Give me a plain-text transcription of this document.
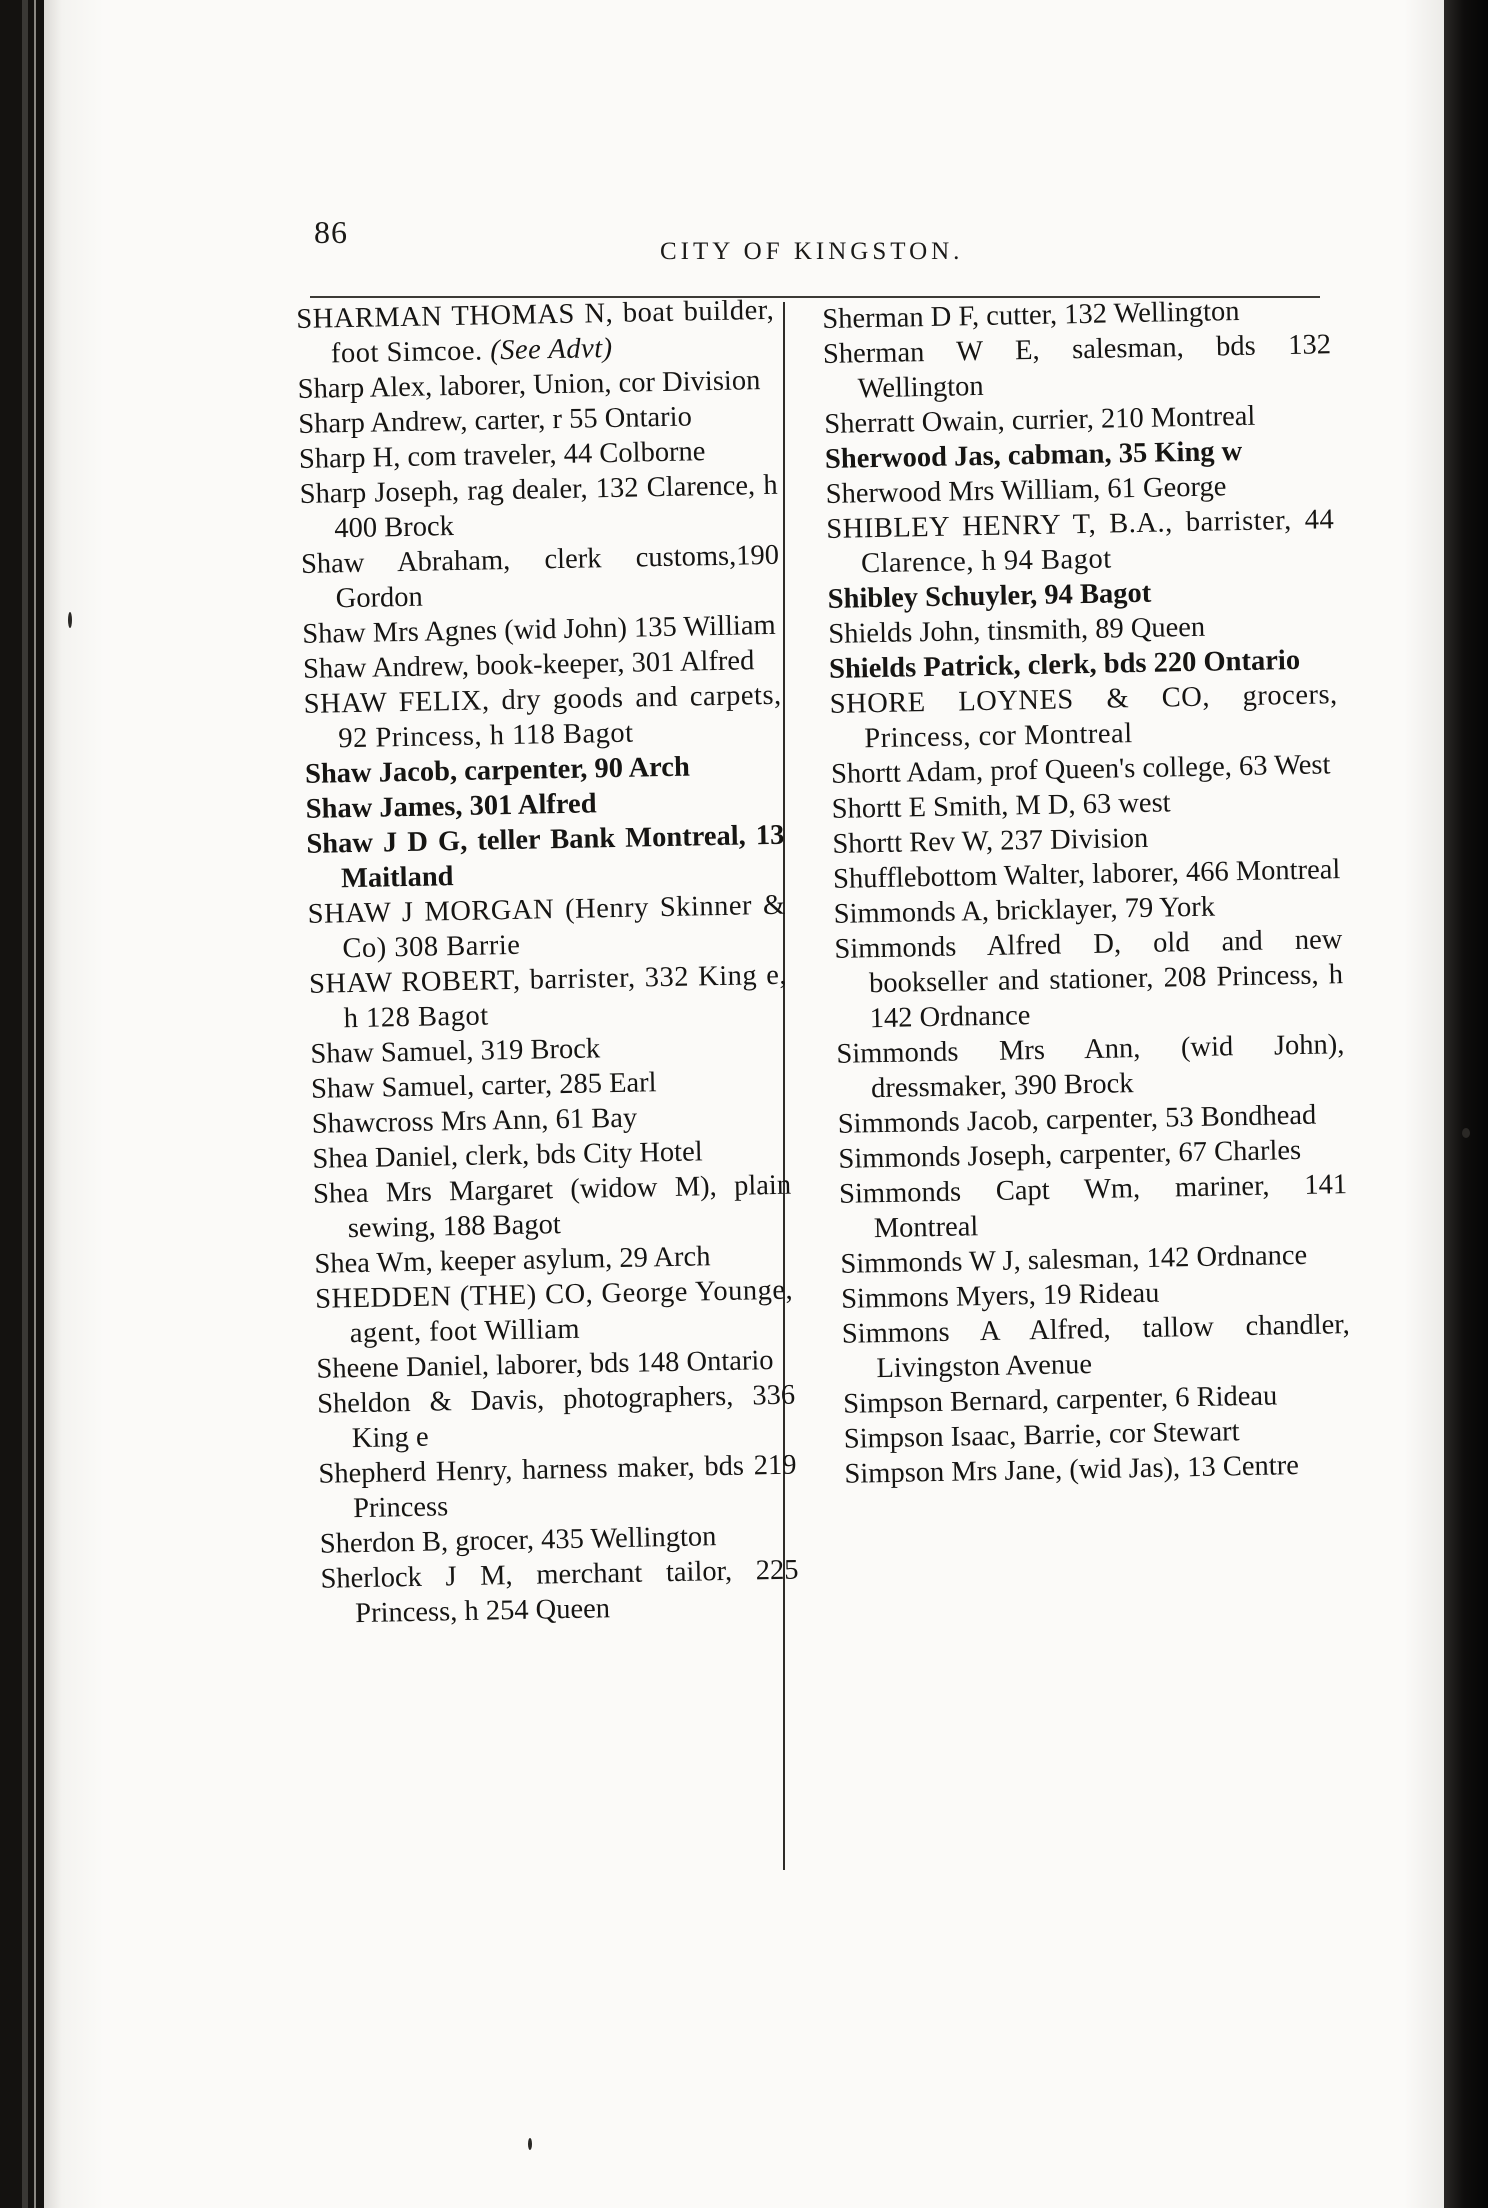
86
CITY OF KINGSTON.

SHARMAN THOMAS N, boat builder, foot Simcoe. (See Advt)

Sharp Alex, laborer, Union, cor Division

Sharp Andrew, carter, r 55 Ontario

Sharp H, com traveler, 44 Colborne

Sharp Joseph, rag dealer, 132 Clarence, h 400 Brock

Shaw Abraham, clerk customs,190 Gordon

Shaw Mrs Agnes (wid John) 135 William

Shaw Andrew, book-keeper, 301 Alfred

SHAW FELIX, dry goods and carpets, 92 Princess, h 118 Bagot

Shaw Jacob, carpenter, 90 Arch

Shaw James, 301 Alfred

Shaw J D G, teller Bank Montreal, 13 Maitland

SHAW J MORGAN (Henry Skinner & Co) 308 Barrie

SHAW ROBERT, barrister, 332 King e, h 128 Bagot

Shaw Samuel, 319 Brock

Shaw Samuel, carter, 285 Earl

Shawcross Mrs Ann, 61 Bay

Shea Daniel, clerk, bds City Hotel

Shea Mrs Margaret (widow M), plain sewing, 188 Bagot

Shea Wm, keeper asylum, 29 Arch

SHEDDEN (THE) CO, George Younge, agent, foot William

Sheene Daniel, laborer, bds 148 Ontario

Sheldon & Davis, photographers, 336 King e

Shepherd Henry, harness maker, bds 219 Princess

Sherdon B, grocer, 435 Wellington

Sherlock J M, merchant tailor, 225 Princess, h 254 Queen

Sherman D F, cutter, 132 Wellington

Sherman W E, salesman, bds 132 Wellington

Sherratt Owain, currier, 210 Montreal

Sherwood Jas, cabman, 35 King w

Sherwood Mrs William, 61 George

SHIBLEY HENRY T, B.A., barrister, 44 Clarence, h 94 Bagot

Shibley Schuyler, 94 Bagot

Shields John, tinsmith, 89 Queen

Shields Patrick, clerk, bds 220 Ontario

SHORE LOYNES & CO, grocers, Princess, cor Montreal

Shortt Adam, prof Queen's college, 63 West

Shortt E Smith, M D, 63 west

Shortt Rev W, 237 Division

Shufflebottom Walter, laborer, 466 Montreal

Simmonds A, bricklayer, 79 York

Simmonds Alfred D, old and new bookseller and stationer, 208 Princess, h 142 Ordnance

Simmonds Mrs Ann, (wid John), dressmaker, 390 Brock

Simmonds Jacob, carpenter, 53 Bondhead

Simmonds Joseph, carpenter, 67 Charles

Simmonds Capt Wm, mariner, 141 Montreal

Simmonds W J, salesman, 142 Ordnance

Simmons Myers, 19 Rideau

Simmons A Alfred, tallow chandler, Livingston Avenue

Simpson Bernard, carpenter, 6 Rideau

Simpson Isaac, Barrie, cor Stewart

Simpson Mrs Jane, (wid Jas), 13 Centre
